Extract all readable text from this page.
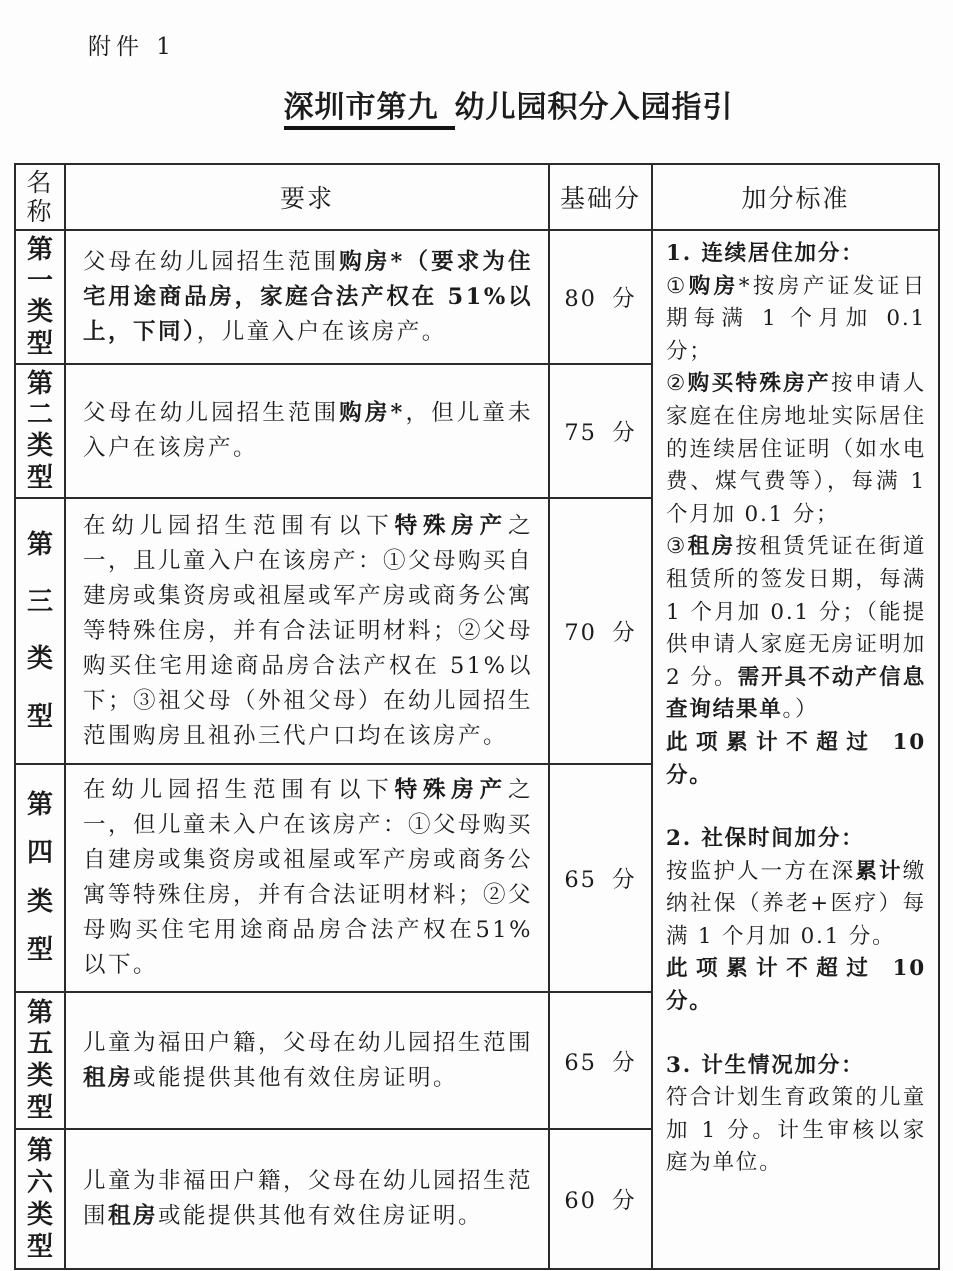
附件 1
深圳市第九 幼儿园积分入园指引
名
称	要求	基础分	加分标准

第
一
类
型
	父母在幼儿园招生范围购房*（要求为住宅用途商品房，家庭合法产权在 51%以上，下同），儿童入户在该房产。	80 分	

1. 连续居住加分：

①购房*按房产证发证日期每满 1 个月加 0.1 分；

②购买特殊房产按申请人家庭在住房地址实际居住的连续居住证明（如水电费、煤气费等），每满 1 个月加 0.1 分；

③租房按租赁凭证在街道租赁所的签发日期，每满 1 个月加 0.1 分；（能提供申请人家庭无房证明加 2 分。需开具不动产信息查询结果单。）

此项累计不超过 10 分。

2. 社保时间加分：

按监护人一方在深累计缴纳社保（养老+医疗）每满 1 个月加 0.1 分。

此项累计不超过 10 分。

3. 计生情况加分：

符合计划生育政策的儿童加 1 分。计生审核以家庭为单位。

第
二
类
型	父母在幼儿园招生范围购房*，但儿童未入户在该房产。	75 分	

第
三
类
型	在幼儿园招生范围有以下特殊房产之一，且儿童入户在该房产：①父母购买自建房或集资房或祖屋或军产房或商务公寓等特殊住房，并有合法证明材料；②父母购买住宅用途商品房合法产权在 51%以下；③祖父母（外祖父母）在幼儿园招生范围购房且祖孙三代户口均在该房产。	70 分	

第
四
类
型	在幼儿园招生范围有以下特殊房产之一，但儿童未入户在该房产：①父母购买自建房或集资房或祖屋或军产房或商务公寓等特殊住房，并有合法证明材料；②父母购买住宅用途商品房合法产权在51%以下。	65 分	

第
五
类
型	儿童为福田户籍，父母在幼儿园招生范围租房或能提供其他有效住房证明。	65 分	

第
六
类
型	儿童为非福田户籍，父母在幼儿园招生范围租房或能提供其他有效住房证明。	60 分	
